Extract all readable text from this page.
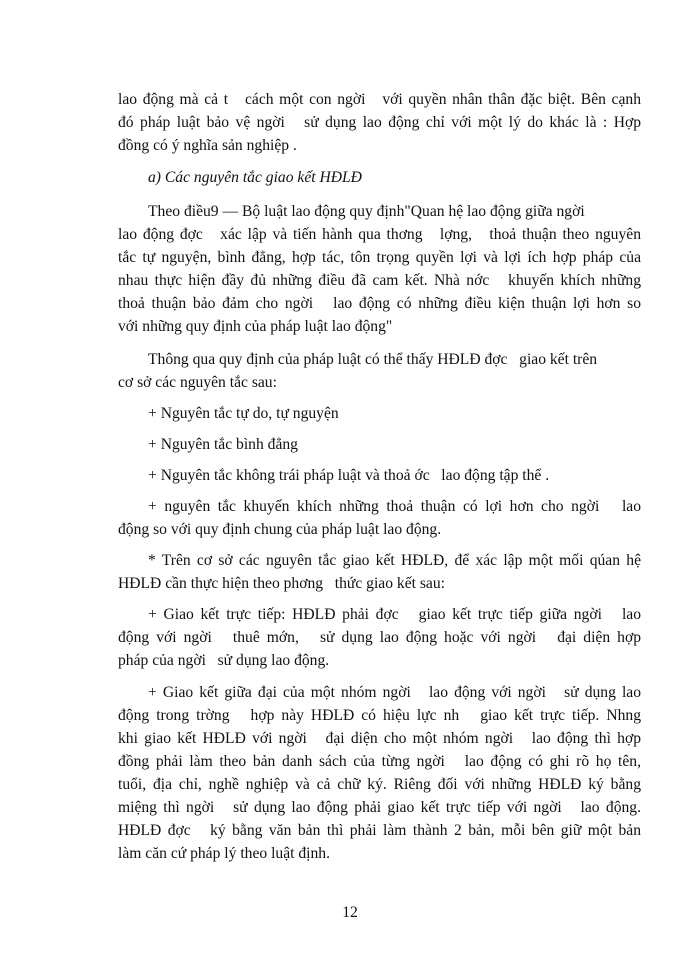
lao động mà cả t   cách một con ngời   với quyền nhân thân đặc biệt. Bên cạnh
đó pháp luật bảo vệ ngời   sử dụng lao động chỉ với một lý do khác là : Hợp
đồng có ý nghĩa sản nghiệp .
a) Các nguyên tắc giao kết HĐLĐ
Theo điều9 — Bộ luật lao động quy định"Quan hệ lao động giữa ngời
lao động đợc   xác lập và tiến hành qua thơng   lợng,   thoả thuận theo nguyên
tắc tự nguyện, bình đẳng, hợp tác, tôn trọng quyền lợi và lợi ích hợp pháp của
nhau thực hiện đầy đủ những điều đã cam kết. Nhà nớc   khuyến khích những
thoả thuận bảo đảm cho ngời   lao động có những điều kiện thuận lợi hơn so
với những quy định của pháp luật lao động"
Thông qua quy định của pháp luật có thể thấy HĐLĐ đợc   giao kết trên
cơ sở các nguyên tắc sau:
+ Nguyên tắc tự do, tự nguyện
+ Nguyên tắc bình đẳng
+ Nguyên tắc không trái pháp luật và thoả ớc   lao động tập thể .
+ nguyên tắc khuyến khích những thoả thuận có lợi hơn cho ngời   lao
động so với quy định chung của pháp luật lao động.
* Trên cơ sở các nguyên tắc giao kết HĐLĐ, để xác lập một mối qúan hệ
HĐLĐ cần thực hiện theo phơng   thức giao kết sau:
+ Giao kết trực tiếp: HĐLĐ phải đợc   giao kết trực tiếp giữa ngời   lao
động với ngời   thuê mớn,   sử dụng lao động hoặc với ngời   đại diện hợp
pháp của ngời   sử dụng lao động.
+ Giao kết giữa đại của một nhóm ngời   lao động với ngời   sử dụng lao
động trong trờng   hợp này HĐLĐ có hiệu lực nh   giao kết trực tiếp. Nhng
khi giao kết HĐLĐ với ngời   đại diện cho một nhóm ngời   lao động thì hợp
đồng phải làm theo bản danh sách của từng ngời   lao động có ghi rõ họ tên,
tuổi, địa chỉ, nghề nghiệp và cả chữ ký. Riêng đối với những HĐLĐ ký bằng
miệng thì ngời   sử dụng lao động phải giao kết trực tiếp với ngời   lao động.
HĐLĐ đợc   ký bằng văn bản thì phải làm thành 2 bản, mỗi bên giữ một bản
làm căn cứ pháp lý theo luật định.
12
